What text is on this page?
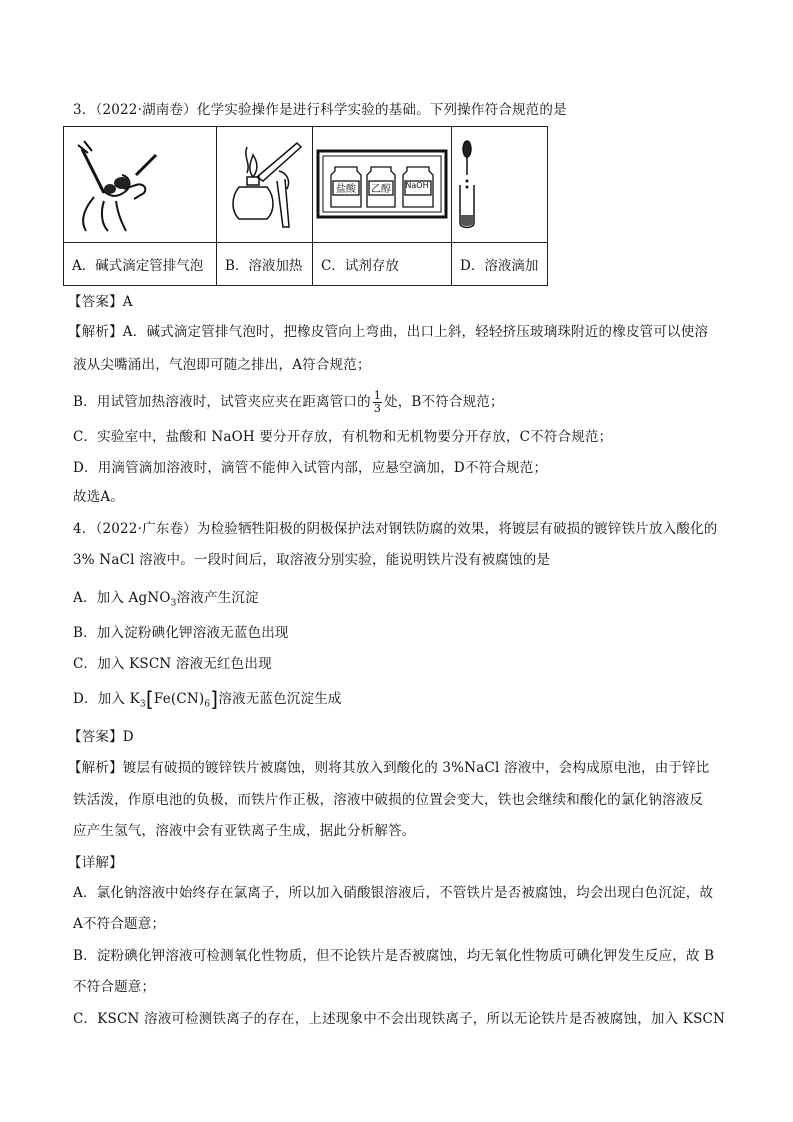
3．（2022·湖南卷）化学实验操作是进行科学实验的基础。下列操作符合规范的是

A．碱式滴定管排气泡	B．溶液加热	C．试剂存放	D．溶液滴加
盐酸 乙醇 NaOH
【答案】A
【解析】A．碱式滴定管排气泡时，把橡皮管向上弯曲，出口上斜，轻轻挤压玻璃珠附近的橡皮管可以使溶
液从尖嘴涌出，气泡即可随之排出，A符合规范；
B．用试管加热溶液时，试管夹应夹在距离管口的 $\frac{1}{3}$ 处，B不符合规范；
C．实验室中，盐酸和 NaOH 要分开存放，有机物和无机物要分开存放，C不符合规范；
D．用滴管滴加溶液时，滴管不能伸入试管内部，应悬空滴加，D不符合规范；
故选A。
4．（2022·广东卷）为检验牺牲阳极的阴极保护法对钢铁防腐的效果，将镀层有破损的镀锌铁片放入酸化的
3% NaCl 溶液中。一段时间后，取溶液分别实验，能说明铁片没有被腐蚀的是
A．加入 AgNO$_3$溶液产生沉淀
B．加入淀粉碘化钾溶液无蓝色出现
C．加入 KSCN 溶液无红色出现
D．加入 $K_3[Fe(CN)_6]$溶液无蓝色沉淀生成
【答案】D
【解析】镀层有破损的镀锌铁片被腐蚀，则将其放入到酸化的 3%NaCl 溶液中，会构成原电池，由于锌比
铁活泼，作原电池的负极，而铁片作正极，溶液中破损的位置会变大，铁也会继续和酸化的氯化钠溶液反
应产生氢气，溶液中会有亚铁离子生成，据此分析解答。
【详解】
A．氯化钠溶液中始终存在氯离子，所以加入硝酸银溶液后，不管铁片是否被腐蚀，均会出现白色沉淀，故
A不符合题意；
B．淀粉碘化钾溶液可检测氧化性物质，但不论铁片是否被腐蚀，均无氧化性物质可碘化钾发生反应，故 B
不符合题意；
C．KSCN 溶液可检测铁离子的存在，上述现象中不会出现铁离子，所以无论铁片是否被腐蚀，加入 KSCN
